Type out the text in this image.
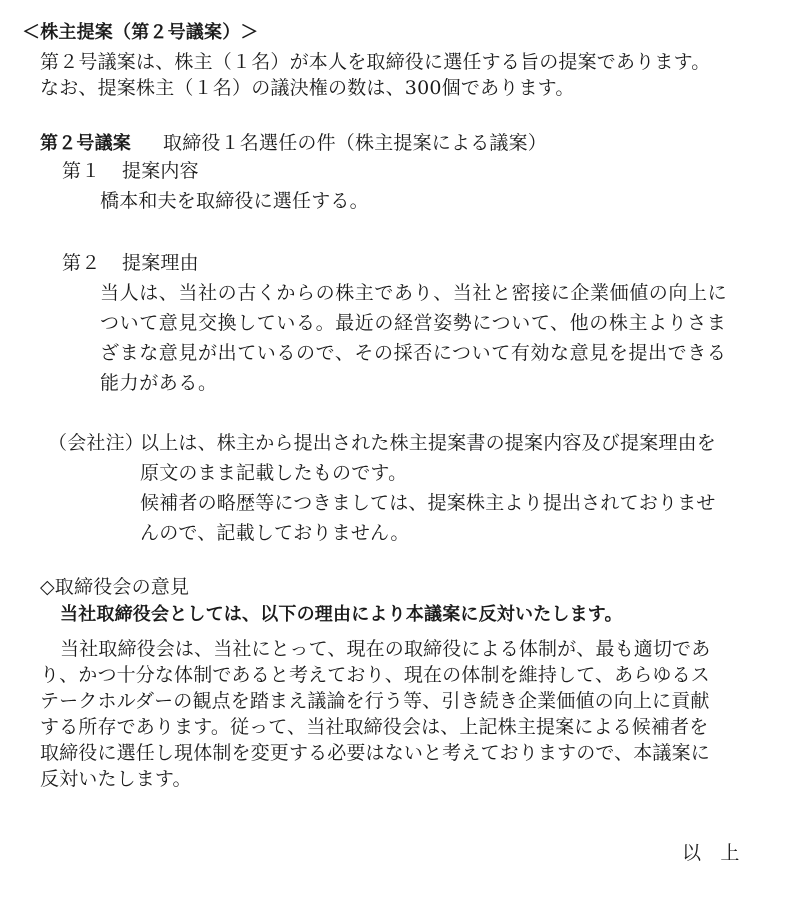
＜株主提案（第２号議案）＞
第２号議案は、株主（１名）が本人を取締役に選任する旨の提案であります。
なお、提案株主（１名）の議決権の数は、300個であります。
第２号議案 取締役１名選任の件（株主提案による議案）
第１ 提案内容
橋本和夫を取締役に選任する。
第２ 提案理由
当人は、当社の古くからの株主であり、当社と密接に企業価値の向上に
ついて意見交換している。最近の経営姿勢について、他の株主よりさま
ざまな意見が出ているので、その採否について有効な意見を提出できる
能力がある。
（会社注）
以上は、株主から提出された株主提案書の提案内容及び提案理由を
原文のまま記載したものです。
候補者の略歴等につきましては、提案株主より提出されておりませ
んので、記載しておりません。
◇取締役会の意見
当社取締役会としては、以下の理由により本議案に反対いたします。
当社取締役会は、当社にとって、現在の取締役による体制が、最も適切であ
り、かつ十分な体制であると考えており、現在の体制を維持して、あらゆるス
テークホルダーの観点を踏まえ議論を行う等、引き続き企業価値の向上に貢献
する所存であります。従って、当社取締役会は、上記株主提案による候補者を
取締役に選任し現体制を変更する必要はないと考えておりますので、本議案に
反対いたします。
以　上
